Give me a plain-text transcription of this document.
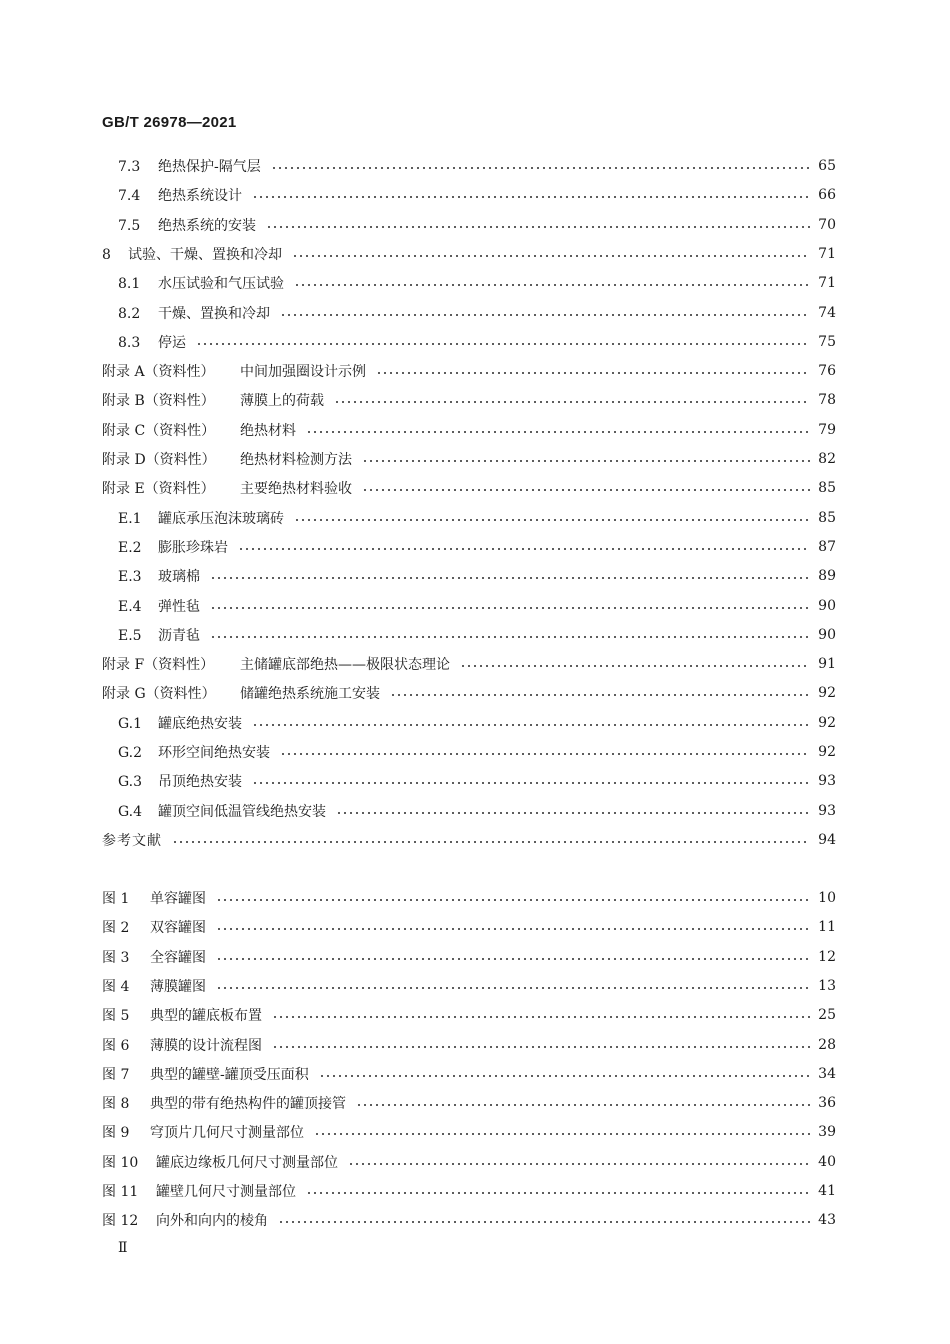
GB/T 26978—2021
7.3 绝热保护-隔气层	65
7.4 绝热系统设计	66
7.5 绝热系统的安装	70
8 试验、干燥、置换和冷却	71
8.1 水压试验和气压试验	71
8.2 干燥、置换和冷却	74
8.3 停运	75
附录 A（资料性） 中间加强圈设计示例	76
附录 B（资料性） 薄膜上的荷载	78
附录 C（资料性） 绝热材料	79
附录 D（资料性） 绝热材料检测方法	82
附录 E（资料性） 主要绝热材料验收	85
E.1 罐底承压泡沫玻璃砖	85
E.2 膨胀珍珠岩	87
E.3 玻璃棉	89
E.4 弹性毡	90
E.5 沥青毡	90
附录 F（资料性） 主储罐底部绝热——极限状态理论	91
附录 G（资料性） 储罐绝热系统施工安装	92
G.1 罐底绝热安装	92
G.2 环形空间绝热安装	92
G.3 吊顶绝热安装	93
G.4 罐顶空间低温管线绝热安装	93
参考文献	94
图 1 单容罐图	10
图 2 双容罐图	11
图 3 全容罐图	12
图 4 薄膜罐图	13
图 5 典型的罐底板布置	25
图 6 薄膜的设计流程图	28
图 7 典型的罐壁-罐顶受压面积	34
图 8 典型的带有绝热构件的罐顶接管	36
图 9 穹顶片几何尺寸测量部位	39
图 10 罐底边缘板几何尺寸测量部位	40
图 11 罐壁几何尺寸测量部位	41
图 12 向外和向内的棱角	43
Ⅱ
